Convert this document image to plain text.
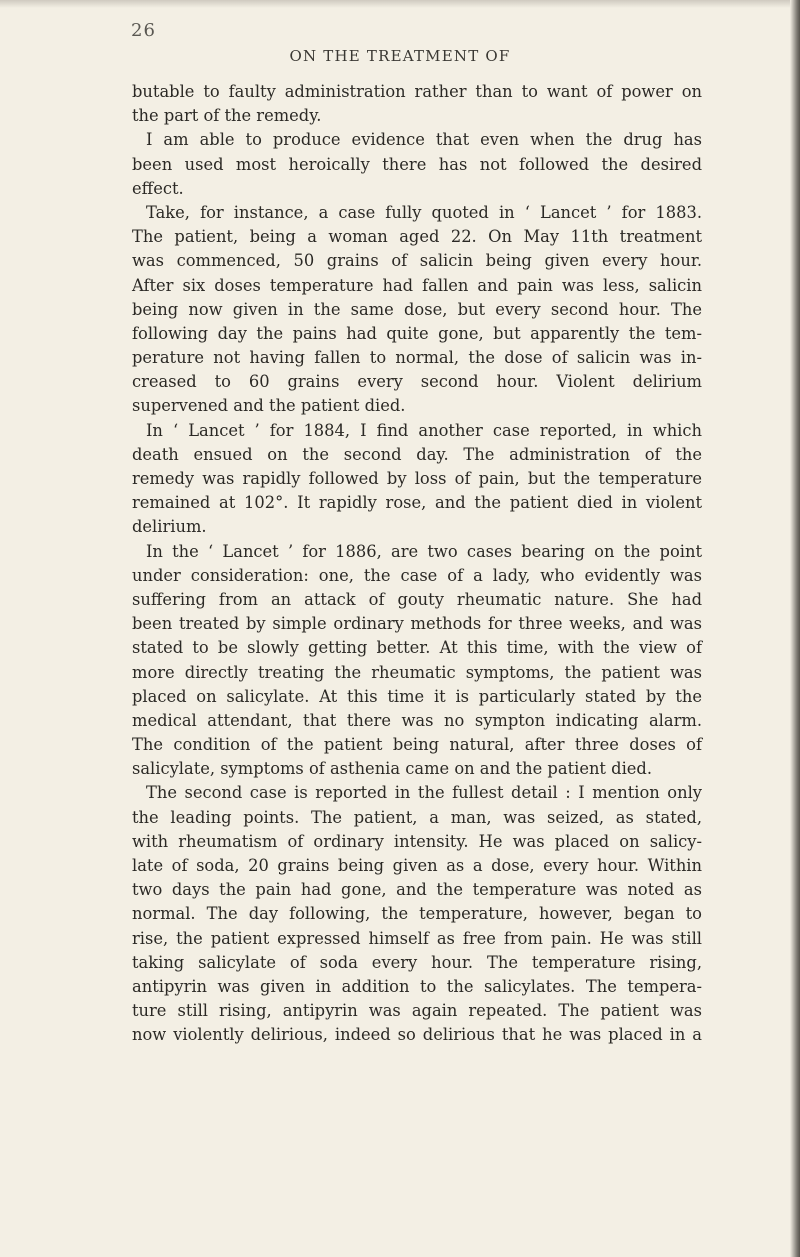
26
ON THE TREATMENT OF
butable to faulty administration rather than to want of power on
the part of the remedy.
I am able to produce evidence that even when the drug has
been used most heroically there has not followed the desired
effect.
Take, for instance, a case fully quoted in ‘ Lancet ’ for 1883.
The patient, being a woman aged 22. On May 11th treatment
was commenced, 50 grains of salicin being given every hour.
After six doses temperature had fallen and pain was less, salicin
being now given in the same dose, but every second hour. The
following day the pains had quite gone, but apparently the tem-
perature not having fallen to normal, the dose of salicin was in-
creased to 60 grains every second hour. Violent delirium
supervened and the patient died.
In ‘ Lancet ’ for 1884, I find another case reported, in which
death ensued on the second day. The administration of the
remedy was rapidly followed by loss of pain, but the temperature
remained at 102°. It rapidly rose, and the patient died in violent
delirium.
In the ‘ Lancet ’ for 1886, are two cases bearing on the point
under consideration: one, the case of a lady, who evidently was
suffering from an attack of gouty rheumatic nature. She had
been treated by simple ordinary methods for three weeks, and was
stated to be slowly getting better. At this time, with the view of
more directly treating the rheumatic symptoms, the patient was
placed on salicylate. At this time it is particularly stated by the
medical attendant, that there was no sympton indicating alarm.
The condition of the patient being natural, after three doses of
salicylate, symptoms of asthenia came on and the patient died.
The second case is reported in the fullest detail : I mention only
the leading points. The patient, a man, was seized, as stated,
with rheumatism of ordinary intensity. He was placed on salicy-
late of soda, 20 grains being given as a dose, every hour. Within
two days the pain had gone, and the temperature was noted as
normal. The day following, the temperature, however, began to
rise, the patient expressed himself as free from pain. He was still
taking salicylate of soda every hour. The temperature rising,
antipyrin was given in addition to the salicylates. The tempera-
ture still rising, antipyrin was again repeated. The patient was
now violently delirious, indeed so delirious that he was placed in a
